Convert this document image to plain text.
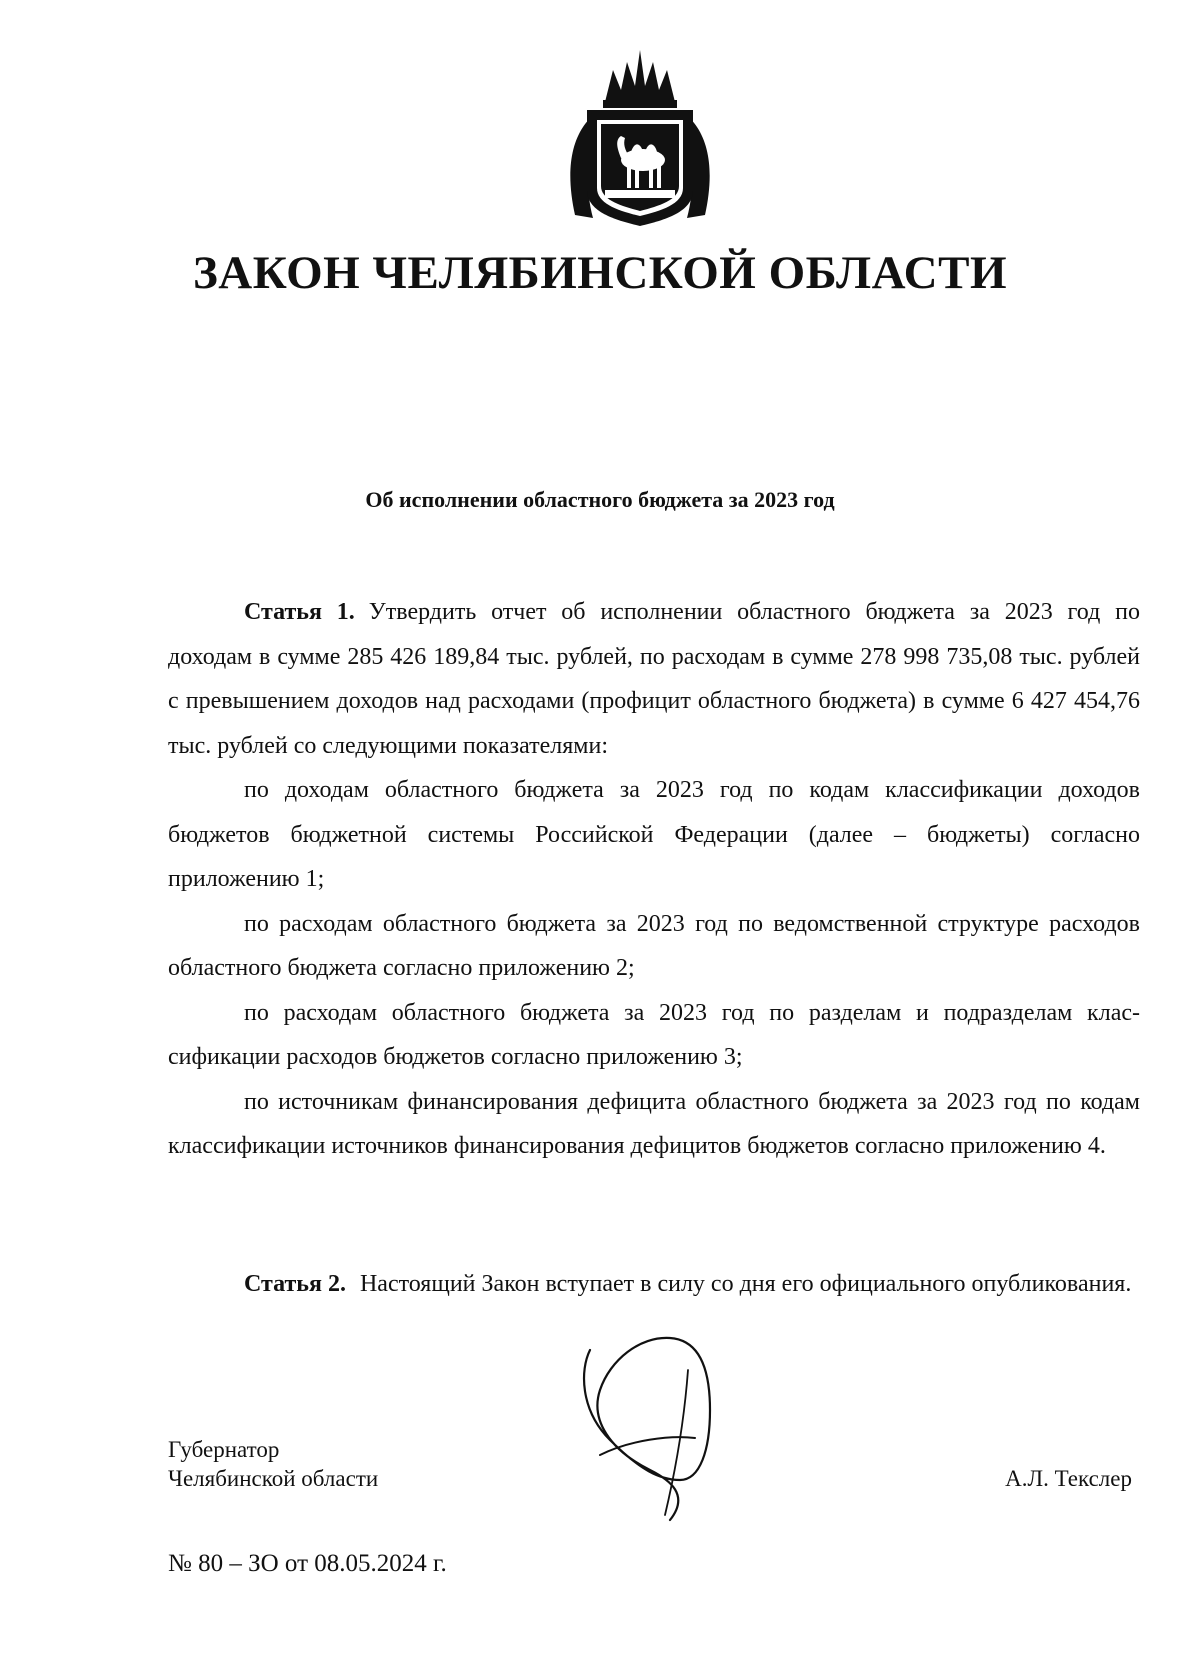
ЗАКОН ЧЕЛЯБИНСКОЙ ОБЛАСТИ
Об исполнении областного бюджета за 2023 год

Статья 1. Утвердить отчет об исполнении областного бюджета за 2023 год по доходам в сумме 285 426 189,84 тыс. рублей, по расходам в сумме 278 998 735,08 тыс. рублей с превышением доходов над расходами (профицит областного бюджета) в сумме 6 427 454,76 тыс. рублей со следующими показателями:

по доходам областного бюджета за 2023 год по кодам классификации доходов бюджетов бюджетной системы Российской Федерации (далее – бюджеты) согласно приложению 1;

по расходам областного бюджета за 2023 год по ведомственной структуре расходов областного бюджета согласно приложению 2;

по расходам областного бюджета за 2023 год по разделам и подразделам классификации расходов бюджетов согласно приложению 3;

по источникам финансирования дефицита областного бюджета за 2023 год по кодам классификации источников финансирования дефицитов бюджетов согласно приложению 4.

Статья 2. Настоящий Закон вступает в силу со дня его официального опубликования.

Губернатор
Челябинской области	А.Л. Текслер
№ 80 – ЗО от 08.05.2024 г.
